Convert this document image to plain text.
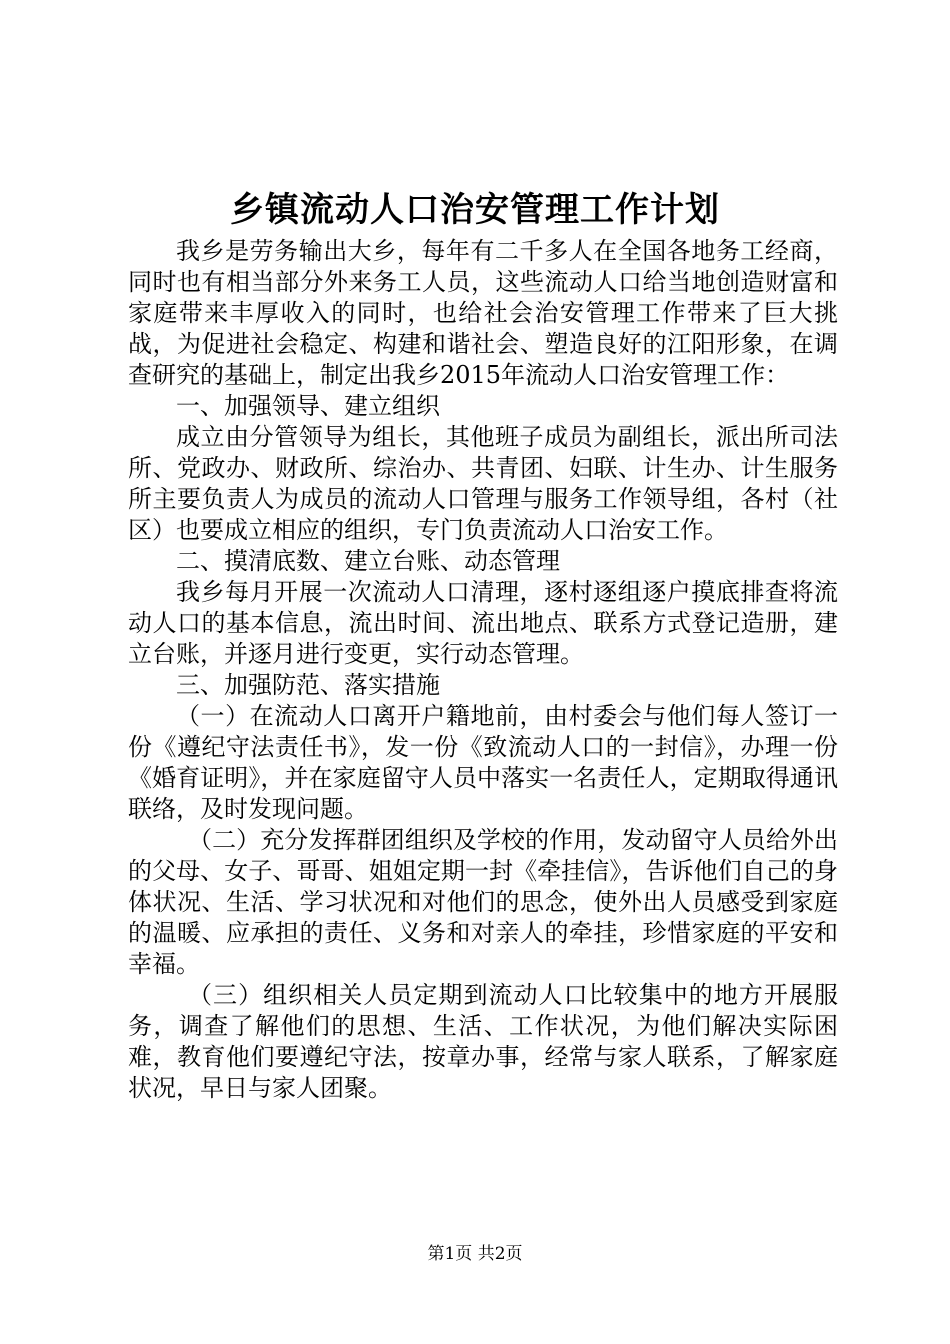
乡镇流动人口治安管理工作计划

我乡是劳务输出大乡，每年有二千多人在全国各地务工经商，同时也有相当部分外来务工人员，这些流动人口给当地创造财富和家庭带来丰厚收入的同时，也给社会治安管理工作带来了巨大挑战，为促进社会稳定、构建和谐社会、塑造良好的江阳形象，在调查研究的基础上，制定出我乡2015年流动人口治安管理工作：

一、加强领导、建立组织

成立由分管领导为组长，其他班子成员为副组长，派出所司法所、党政办、财政所、综治办、共青团、妇联、计生办、计生服务所主要负责人为成员的流动人口管理与服务工作领导组，各村（社区）也要成立相应的组织，专门负责流动人口治安工作。

二、摸清底数、建立台账、动态管理

我乡每月开展一次流动人口清理，逐村逐组逐户摸底排查将流动人口的基本信息，流出时间、流出地点、联系方式登记造册，建立台账，并逐月进行变更，实行动态管理。

三、加强防范、落实措施

（一）在流动人口离开户籍地前，由村委会与他们每人签订一份《遵纪守法责任书》，发一份《致流动人口的一封信》，办理一份《婚育证明》，并在家庭留守人员中落实一名责任人，定期取得通讯联络，及时发现问题。

（二）充分发挥群团组织及学校的作用，发动留守人员给外出的父母、女子、哥哥、姐姐定期一封《牵挂信》，告诉他们自己的身体状况、生活、学习状况和对他们的思念，使外出人员感受到家庭的温暖、应承担的责任、义务和对亲人的牵挂，珍惜家庭的平安和幸福。

（三）组织相关人员定期到流动人口比较集中的地方开展服务，调查了解他们的思想、生活、工作状况，为他们解决实际困难，教育他们要遵纪守法，按章办事，经常与家人联系，了解家庭状况，早日与家人团聚。

第1页 共2页
